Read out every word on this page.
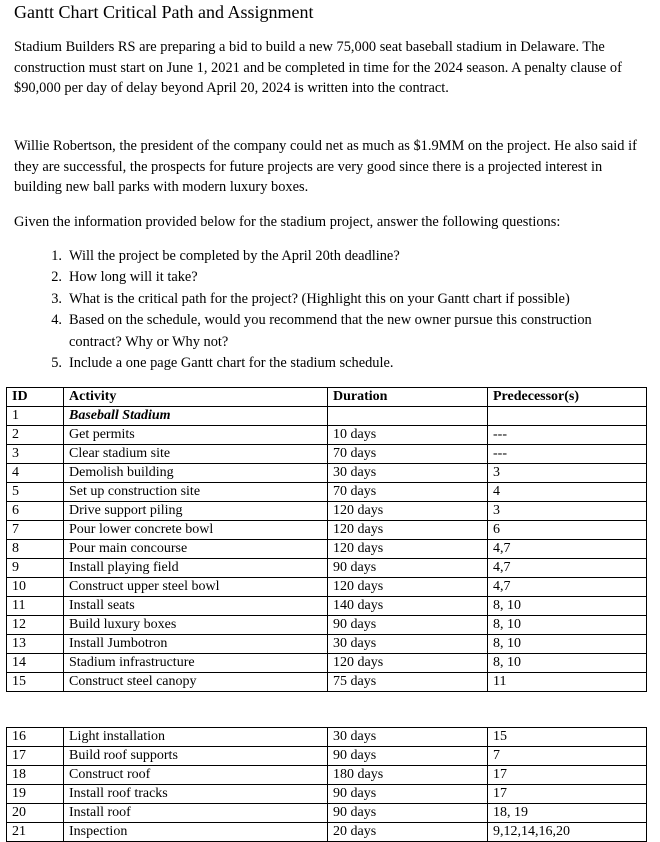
Gantt Chart Critical Path and Assignment
Stadium Builders RS are preparing a bid to build a new 75,000 seat baseball stadium in Delaware. The construction must start on June 1, 2021 and be completed in time for the 2024 season. A penalty clause of $90,000 per day of delay beyond April 20, 2024 is written into the contract.
Willie Robertson, the president of the company could net as much as $1.9MM on the project. He also said if they are successful, the prospects for future projects are very good since there is a projected interest in building new ball parks with modern luxury boxes.
Given the information provided below for the stadium project, answer the following questions:
1. Will the project be completed by the April 20th deadline?
2. How long will it take?
3. What is the critical path for the project? (Highlight this on your Gantt chart if possible)
4. Based on the schedule, would you recommend that the new owner pursue this construction contract? Why or Why not?
5. Include a one page Gantt chart for the stadium schedule.
ID	Activity	Duration	Predecessor(s)
1	Baseball Stadium		
2	Get permits	10 days	---
3	Clear stadium site	70 days	---
4	Demolish building	30 days	3
5	Set up construction site	70 days	4
6	Drive support piling	120 days	3
7	Pour lower concrete bowl	120 days	6
8	Pour main concourse	120 days	4,7
9	Install playing field	90 days	4,7
10	Construct upper steel bowl	120 days	4,7
11	Install seats	140 days	8, 10
12	Build luxury boxes	90 days	8, 10
13	Install Jumbotron	30 days	8, 10
14	Stadium infrastructure	120 days	8, 10
15	Construct steel canopy	75 days	11
16	Light installation	30 days	15
17	Build roof supports	90 days	7
18	Construct roof	180 days	17
19	Install roof tracks	90 days	17
20	Install roof	90 days	18, 19
21	Inspection	20 days	9,12,14,16,20
